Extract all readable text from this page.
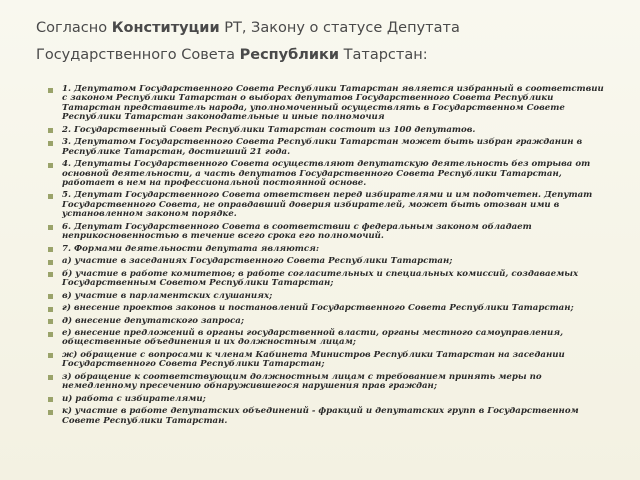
Согласно Конституции РТ, Закону о статусе Депутата
Государственного Совета Республики Татарстан:
1. Депутатом Государственного Совета Республики Татарстан является избранный в соответствии с законом Республики Татарстан о выборах депутатов Государственного Совета Республики Татарстан представитель народа, уполномоченный осуществлять в Государственном Совете Республики Татарстан законодательные и иные полномочия
2. Государственный Совет Республики Татарстан состоит из 100 депутатов.
3. Депутатом Государственного Совета Республики Татарстан может быть избран гражданин в Республике Татарстан, достигший 21 года.
4. Депутаты Государственного Совета осуществляют депутатскую деятельность без отрыва от основной деятельности, а часть депутатов Государственного Совета Республики Татарстан, работает в нем на профессиональной постоянной основе.
5. Депутат Государственного Совета ответствен перед избирателями и им подотчетен. Депутат Государственного Совета, не оправдавший доверия избирателей, может быть отозван ими в установленном законом порядке.
6. Депутат Государственного Совета в соответствии с федеральным законом обладает неприкосновенностью в течение всего срока его полномочий.
7. Формами деятельности депутата являются:
а) участие в заседаниях Государственного Совета Республики Татарстан;
б) участие в работе комитетов; в работе согласительных и специальных комиссий, создаваемых Государственным Советом Республики Татарстан;
в) участие в парламентских слушаниях;
г) внесение проектов законов и постановлений Государственного Совета Республики Татарстан;
д) внесение депутатского запроса;
е) внесение предложений в органы государственной власти, органы местного самоуправления, общественные объединения и их должностным лицам;
ж) обращение с вопросами к членам Кабинета Министров Республики Татарстан на заседании Государственного Совета Республики Татарстан;
з) обращение к соответствующим должностным лицам с требованием принять меры по немедленному пресечению обнаружившегося нарушения прав граждан;
и) работа с избирателями;
к) участие в работе депутатских объединений - фракций и депутатских групп в Государственном Совете Республики Татарстан.
